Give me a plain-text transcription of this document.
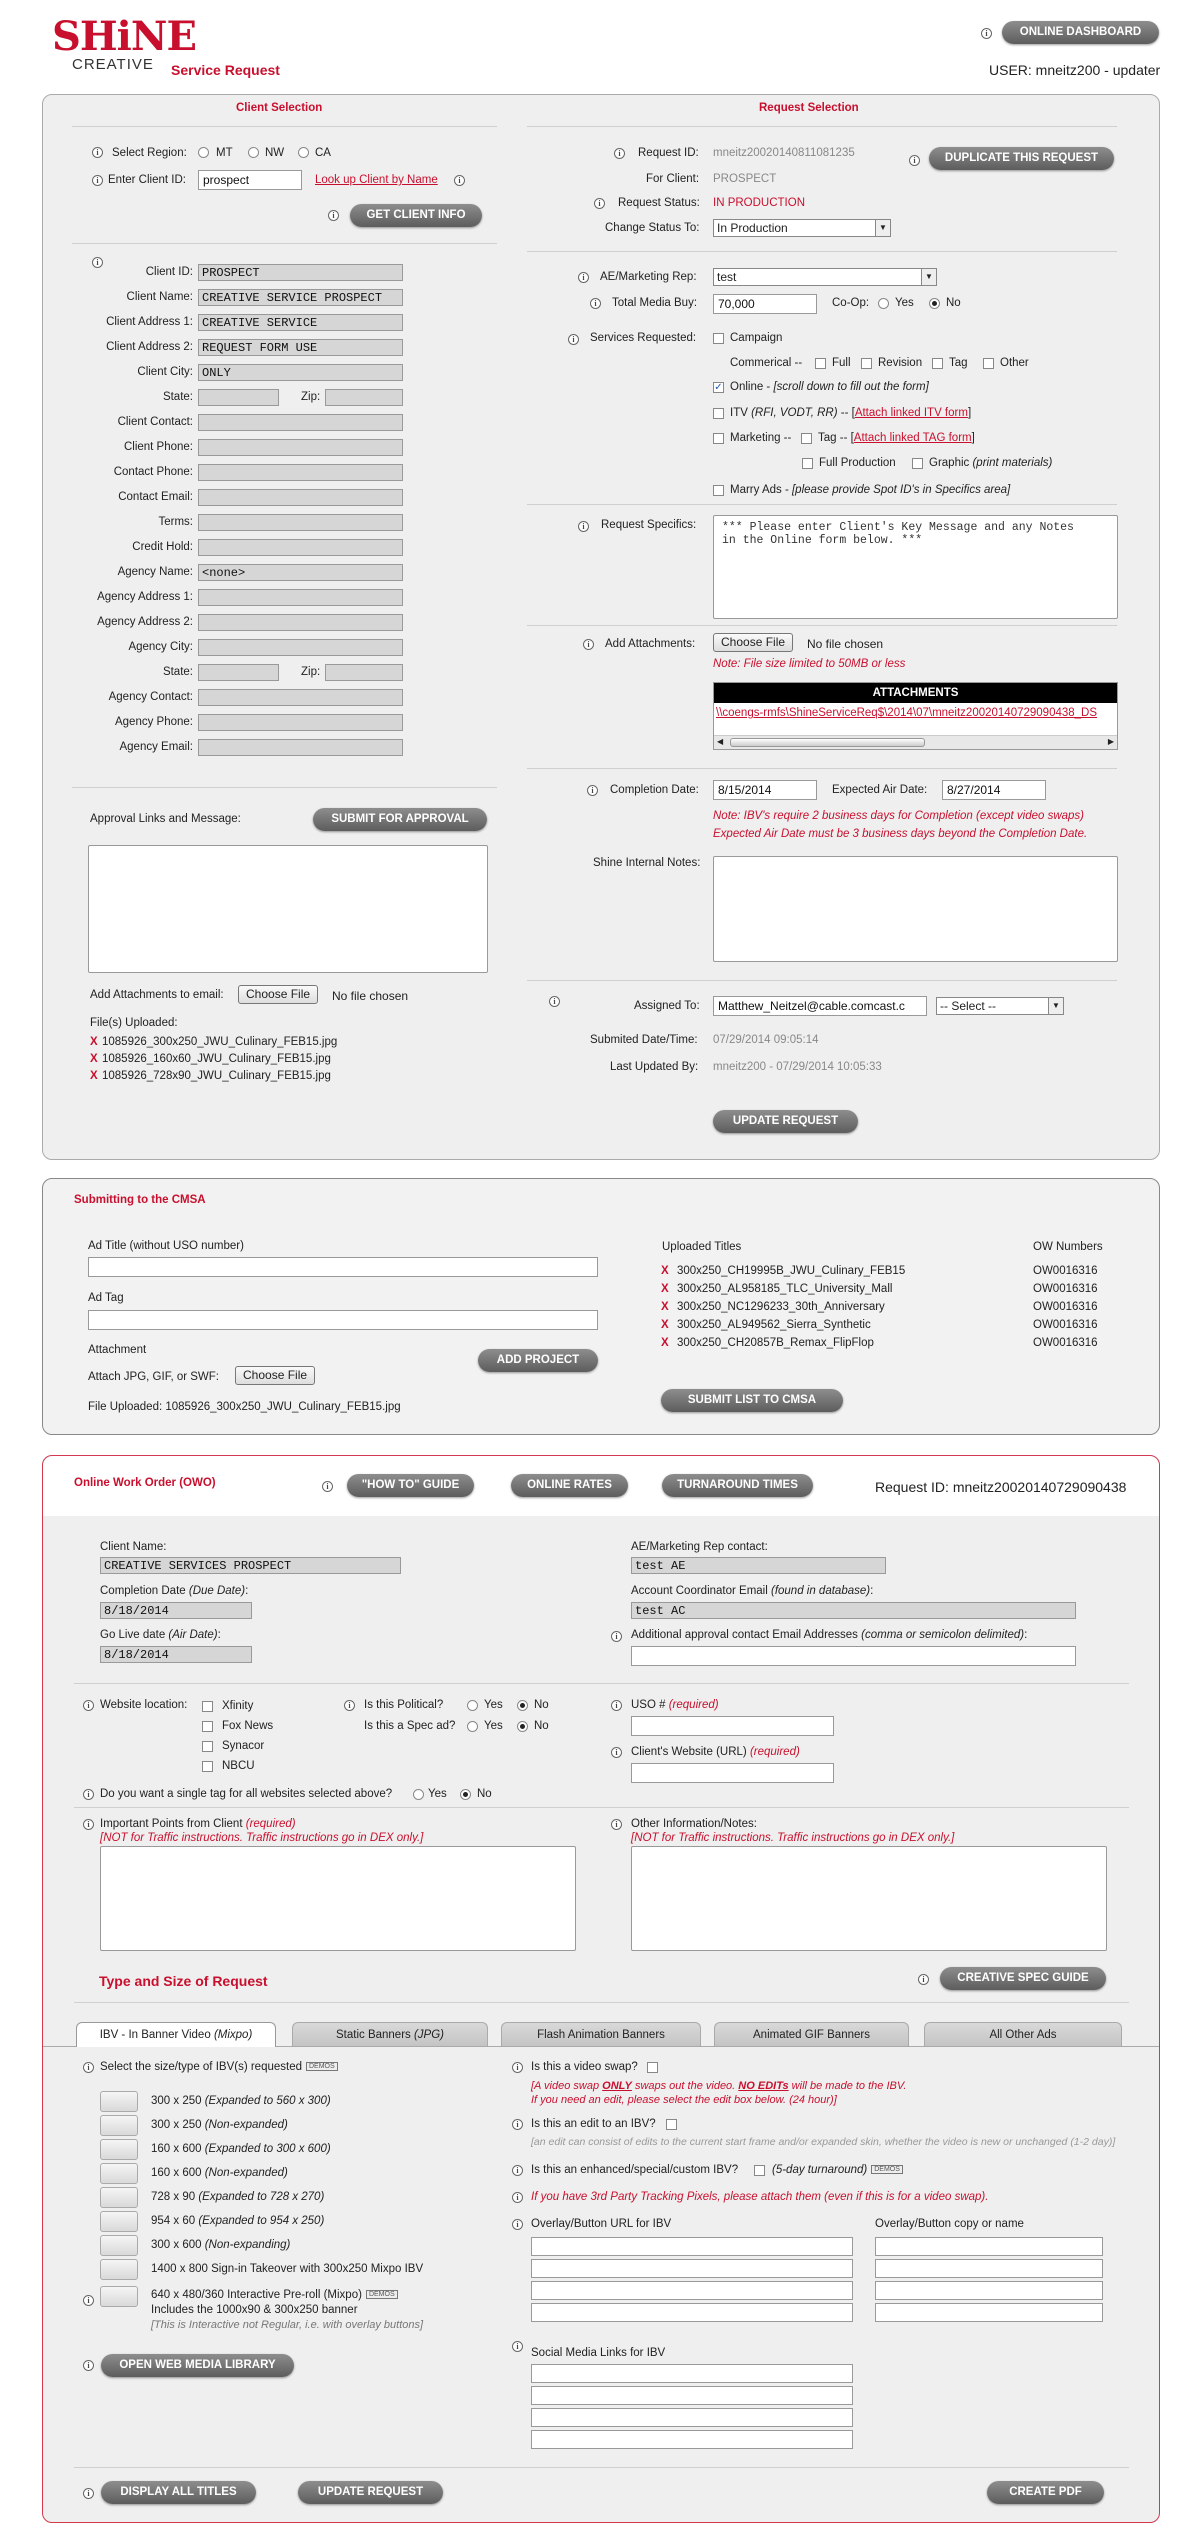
SHiNE
CREATIVE	Service Request
i	ONLINE DASHBOARD
USER: mneitz200 - updater
Client Selection
i	Select Region:	MT	NW	CA
i Enter Client ID:	prospect	Look up Client by Name	i
i	GET CLIENT INFO
i
Client ID: PROSPECT
Client Name: CREATIVE SERVICE PROSPECT
Client Address 1: CREATIVE SERVICE
Client Address 2: REQUEST FORM USE
Client City: ONLY
State:	Zip:
Client Contact:
Client Phone:
Contact Phone:
Contact Email:
Terms:
Credit Hold:
Agency Name: <none>
Agency Address 1:
Agency Address 2:
Agency City:
State:	Zip:
Agency Contact:
Agency Phone:
Agency Email:
Approval Links and Message:	SUBMIT FOR APPROVAL
Add Attachments to email:	Choose File	No file chosen
File(s) Uploaded:
X 1085926_300x250_JWU_Culinary_FEB15.jpg
X 1085926_160x60_JWU_Culinary_FEB15.jpg
X 1085926_728x90_JWU_Culinary_FEB15.jpg
Request Selection
i	Request ID: mneitz20020140811081235
i	DUPLICATE THIS REQUEST
For Client: PROSPECT
i	Request Status: IN PRODUCTION
Change Status To:	In Production	▼
i	AE/Marketing Rep:	test	▼
i	Total Media Buy:	70,000	Co-Op: Yes	No
i	Services Requested:	Campaign
Commerical --	Full Revision Tag	Other
✓ Online - [scroll down to fill out the form]
ITV (RFI, VODT, RR) -- [Attach linked ITV form]
Marketing -- Tag -- [Attach linked TAG form]
Full Production	Graphic (print materials)
Marry Ads - [please provide Spot ID's in Specifics area]
i	Request Specifics:	*** Please enter Client's Key Message and any Notes
in the Online form below. ***
i	Add Attachments:	Choose File	No file chosen
Note: File size limited to 50MB or less
ATTACHMENTS
\\coengs-rmfs\ShineServiceReq$\2014\07\mneitz20020140729090438_DS
◀	▶
i	Completion Date:	8/15/2014	Expected Air Date:	8/27/2014
Note: IBV's require 2 business days for Completion (except video swaps)
Expected Air Date must be 3 business days beyond the Completion Date.
Shine Internal Notes:
i	Assigned To:	Matthew_Neitzel@cable.comcast.c	-- Select --	▼
Submited Date/Time: 07/29/2014 09:05:14
Last Updated By: mneitz200 - 07/29/2014 10:05:33
UPDATE REQUEST
Submitting to the CMSA
Ad Title (without USO number)
Ad Tag
Attachment
Attach JPG, GIF, or SWF:	Choose File
File Uploaded: 1085926_300x250_JWU_Culinary_FEB15.jpg
ADD PROJECT
Uploaded Titles	OW Numbers
X 300x250_CH19995B_JWU_Culinary_FEB15	OW0016316
X 300x250_AL958185_TLC_University_Mall	OW0016316
X 300x250_NC1296233_30th_Anniversary	OW0016316
X 300x250_AL949562_Sierra_Synthetic	OW0016316
X 300x250_CH20857B_Remax_FlipFlop	OW0016316
SUBMIT LIST TO CMSA
Online Work Order (OWO)	i	"HOW TO" GUIDE	ONLINE RATES	TURNAROUND TIMES	Request ID: mneitz20020140729090438
Client Name:
CREATIVE SERVICES PROSPECT
Completion Date (Due Date):
8/18/2014
Go Live date (Air Date):
8/18/2014
AE/Marketing Rep contact:
test AE
Account Coordinator Email (found in database):
test AC
i	Additional approval contact Email Addresses (comma or semicolon delimited):
i Website location:	Xfinity
Fox News
Synacor
NBCU
i	Is this Political?	Yes	No
Is this a Spec ad? Yes	No
i	USO # (required)
i	Client's Website (URL) (required)
i Do you want a single tag for all websites selected above?	Yes	No
i Important Points from Client (required)
[NOT for Traffic instructions. Traffic instructions go in DEX only.]
i	Other Information/Notes:
[NOT for Traffic instructions. Traffic instructions go in DEX only.]
Type and Size of Request	i	CREATIVE SPEC GUIDE
IBV - In Banner Video (Mixpo)	Static Banners (JPG)	Flash Animation Banners	Animated GIF Banners	All Other Ads
i Select the size/type of IBV(s) requested DEMOS
300 x 250 (Expanded to 560 x 300)
300 x 250 (Non-expanded)
160 x 600 (Expanded to 300 x 600)
160 x 600 (Non-expanded)
728 x 90 (Expanded to 728 x 270)
954 x 60 (Expanded to 954 x 250)
300 x 600 (Non-expanding)
1400 x 800 Sign-in Takeover with 300x250 Mixpo IBV
i	640 x 480/360 Interactive Pre-roll (Mixpo) DEMOS
Includes the 1000x90 & 300x250 banner
[This is Interactive not Regular, i.e. with overlay buttons]
i	OPEN WEB MEDIA LIBRARY
i	Is this a video swap?
[A video swap ONLY swaps out the video. NO EDITs will be made to the IBV.
If you need an edit, please select the edit box below. (24 hour)]
i	Is this an edit to an IBV?
[an edit can consist of edits to the current start frame and/or expanded skin, whether the video is new or unchanged (1-2 day)]
i	Is this an enhanced/special/custom IBV?	(5-day turnaround) DEMOS
i	If you have 3rd Party Tracking Pixels, please attach them (even if this is for a video swap).
i	Overlay/Button URL for IBV	Overlay/Button copy or name
i
Social Media Links for IBV
i	DISPLAY ALL TITLES	UPDATE REQUEST	CREATE PDF
